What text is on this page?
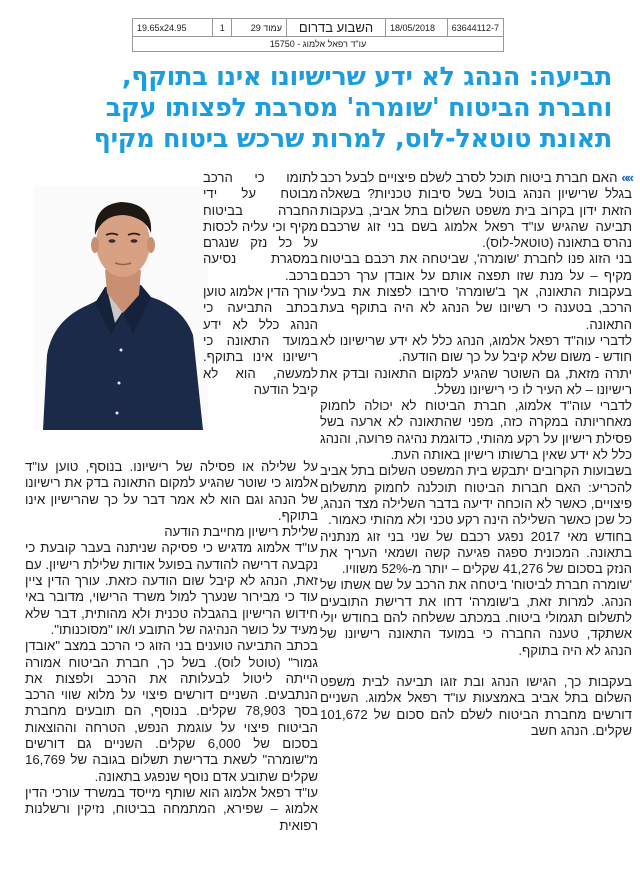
19.65x24.95	1	עמוד 29	השבוע בדרום	18/05/2018	63644112-7
עו"ד רפאל אלמוג - 15750
תביעה: הנהג לא ידע שרישיונו אינו בתוקף,
וחברת הביטוח 'שומרה' מסרבת לפצותו עקב
תאונת טוטאל-לוס, למרות שרכש ביטוח מקיף

»» האם חברת ביטוח תוכל לסרב לשלם פיצויים לבעל רכב בגלל שרישיון הנהג בוטל בשל סיבות טכניות? בשאלה הזאת ידון בקרוב בית משפט השלום בתל אביב, בעקבות תביעה שהגיש עו"ד רפאל אלמוג בשם בני זוג שרכבם נהרס בתאונה (טוטאל-לוס).

בני הזוג פנו לחברת 'שומרה', שביטחה את רכבם בביטוח מקיף – על מנת שזו תפצה אותם על אובדן ערך רכבם בעקבות התאונה, אך ב'שומרה' סירבו לפצות את בעלי הרכב, בטענה כי רשיונו של הנהג לא היה בתוקף בעת התאונה.

לדברי עוה"ד רפאל אלמוג, הנהג כלל לא ידע שרישיונו לא חודש - משום שלא קיבל על כך שום הודעה.

יתרה מזאת, גם השוטר שהגיע למקום התאונה ובדק את רישיונו – לא העיר לו כי רישיונו נשלל.

לדברי עוה"ד אלמוג, חברת הביטוח לא יכולה לחמוק מאחריותה במקרה כזה, מפני שהתאונה לא ארעה בשל פסילת רישיון על רקע מהותי, כדוגמת נהיגה פרועה, והנהג כלל לא ידע שאין ברשותו רישיון באותה העת.

בשבועות הקרובים יתבקש בית המשפט השלום בתל אביב להכריע: האם חברות הביטוח תוכלנה לחמוק מתשלום פיצויים, כאשר לא הוכחה ידיעה בדבר השלילה מצד הנהג, כל שכן כאשר השלילה הינה רקע טכני ולא מהותי כאמור.

בחודש מאי 2017 נפגע רכבם של שני בני זוג מנתניה בתאונה. המכונית ספגה פגיעה קשה ושמאי העריך את הנזק בסכום של 41,276 שקלים – יותר מ-52% משוויו.

'שומרה חברת לביטוח' ביטחה את הרכב על שם אשתו של הנהג. למרות זאת, ב'שומרה' דחו את דרישת התובעים לתשלום תגמולי ביטוח. במכתב ששלחה להם בחודש יולי אשתקד, טענה החברה כי במועד התאונה רישיונו של הנהג לא היה בתוקף.

בעקבות כך, הגישו הנהג ובת זוגו תביעה לבית משפט השלום בתל אביב באמצעות עו"ד רפאל אלמוג. השניים דורשים מחברת הביטוח לשלם להם סכום של 101,672 שקלים. הנהג חשב

לתומו כי הרכב מבוטח על ידי החברה בביטוח מקיף וכי עליה לכסות על כל נזק שנגרם במסגרת נסיעה ברכב.

עורך הדין אלמוג טוען בכתב התביעה כי הנהג כלל לא ידע במועד התאונה כי רישיונו אינו בתוקף. למעשה, הוא לא קיבל הודעה

על שלילה או פסילה של רישיונו. בנוסף, טוען עו"ד אלמוג כי שוטר שהגיע למקום התאונה בדק את רישיונו של הנהג וגם הוא לא אמר דבר על כך שהרישיון אינו בתוקף.

שלילת רישיון מחייבת הודעה

עו"ד אלמוג מדגיש כי פסיקה שניתנה בעבר קובעת כי נקבעה דרישה להודעה בפועל אודות שלילת רישיון. עם זאת, הנהג לא קיבל שום הודעה כזאת. עורך הדין ציין עוד כי מבירור שנערך למול משרד הרישוי, מדובר באי חידוש הרישיון בהגבלה טכנית ולא מהותית, דבר שלא מעיד על כושר הנהיגה של התובע ו/או "מסוכנותו".

בכתב התביעה טוענים בני הזוג כי הרכב במצב "אובדן גמור" (טוטל לוס). בשל כך, חברת הביטוח אמורה הייתה ליטול לבעלותה את הרכב ולפצות את הנתבעים. השניים דורשים פיצוי על מלוא שווי הרכב בסך 78,903 שקלים. בנוסף, הם תובעים מחברת הביטוח פיצוי על עוגמת הנפש, הטרחה וההוצאות בסכום של 6,000 שקלים. השניים גם דורשים מ"שומרה" לשאת בדרישת תשלום בגובה של 16,769 שקלים שתובע אדם נוסף שנפגע בתאונה.

עו"ד רפאל אלמוג הוא שותף מייסד במשרד עורכי הדין אלמוג – שפירא, המתמחה בביטוח, נזיקין ורשלנות רפואית
